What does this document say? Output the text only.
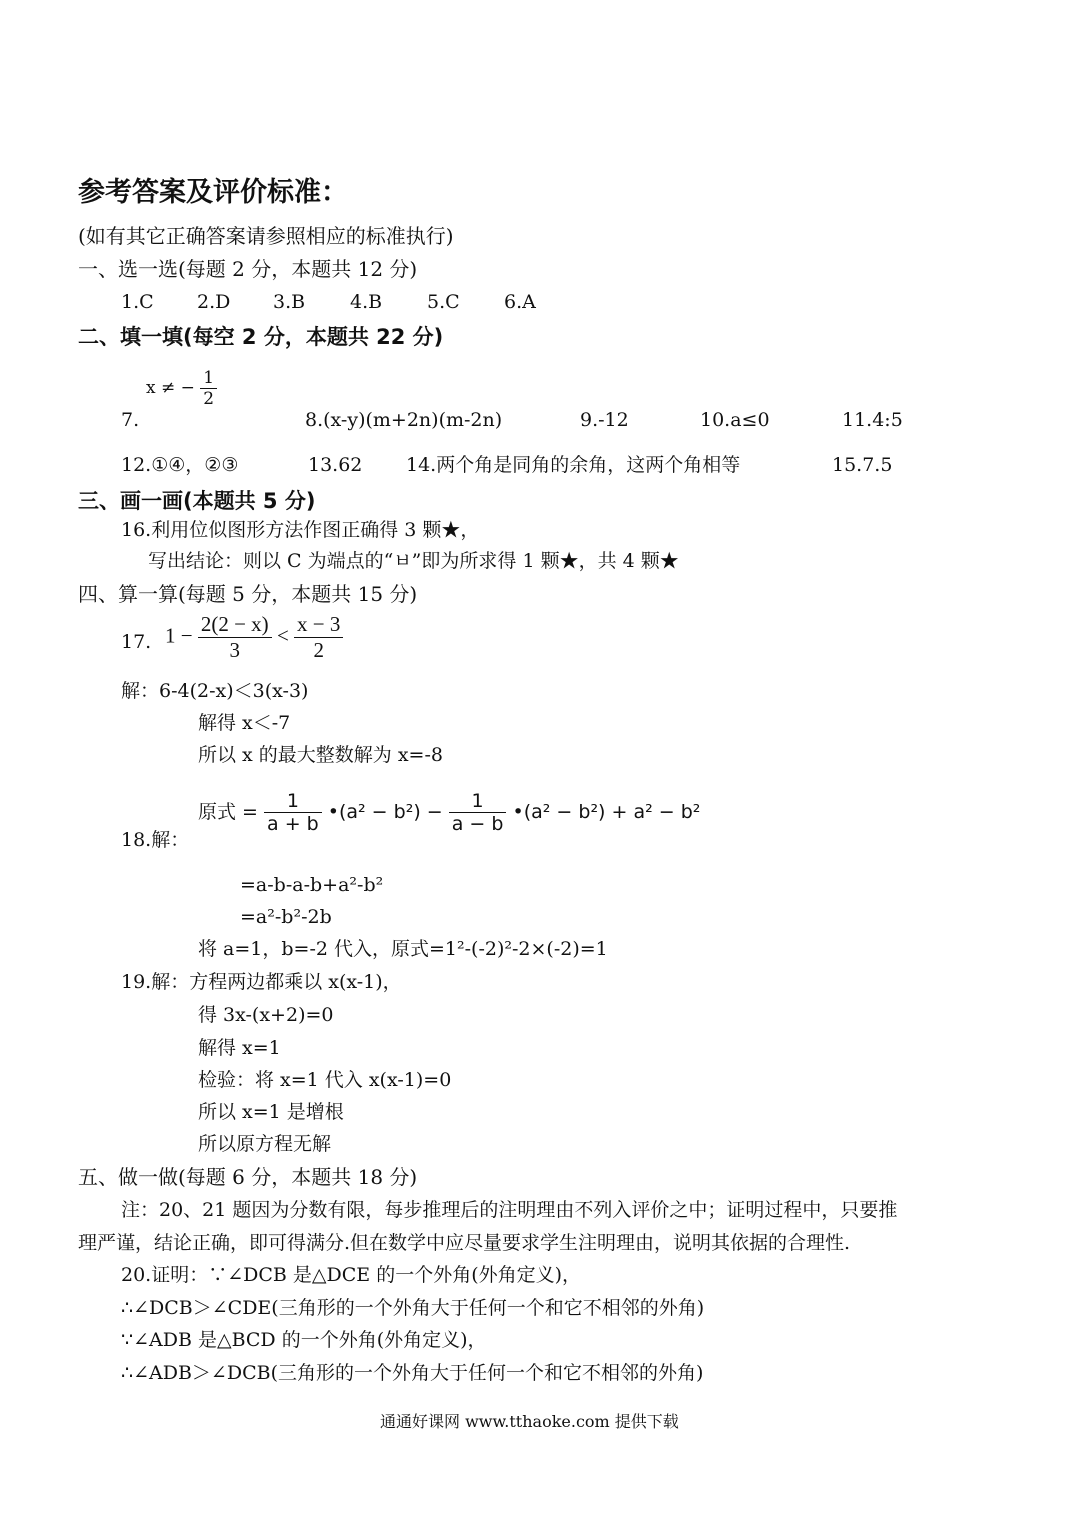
参考答案及评价标准：
(如有其它正确答案请参照相应的标准执行)
一、选一选(每题 2 分，本题共 12 分)
1.C 2.D 3.B 4.B 5.C 6.A
二、填一填(每空 2 分，本题共 22 分)
7.
x ≠ − $\frac{1}{2}$
8.(x-y)(m+2n)(m-2n)	9.-12	10.a≤0	11.4:5
12.①④，②③	13.62 14.两个角是同角的余角，这两个角相等	15.7.5
三、画一画(本题共 5 分)
16.利用位似图形方法作图正确得 3 颗★，
写出结论：则以 C 为端点的“ㅂ”即为所求得 1 颗★，共 4 颗★
四、算一算(每题 5 分，本题共 15 分)
17. $1 - \frac{2(2 - x)}{3} < \frac{x - 3}{2}$
解：6-4(2-x)＜3(x-3)
解得 x＜-7
所以 x 的最大整数解为 x=-8
18.解：
原式 = $\frac{1}{a + b}$ •(a² − $b^2) - \frac{1}{a - b}$ •(a² − b²) + a² − b²
=a-b-a-b+a²-b²
=a²-b²-2b
将 a=1，b=-2 代入，原式=1²-(-2)²-2×(-2)=1
19.解：方程两边都乘以 x(x-1)，
得 3x-(x+2)=0
解得 x=1
检验：将 x=1 代入 x(x-1)=0
所以 x=1 是增根
所以原方程无解
五、做一做(每题 6 分，本题共 18 分)
注：20、21 题因为分数有限，每步推理后的注明理由不列入评价之中；证明过程中，只要推
理严谨，结论正确，即可得满分.但在数学中应尽量要求学生注明理由，说明其依据的合理性.
20.证明：∵∠DCB 是△DCE 的一个外角(外角定义)，
∴∠DCB＞∠CDE(三角形的一个外角大于任何一个和它不相邻的外角)
∵∠ADB 是△BCD 的一个外角(外角定义)，
∴∠ADB＞∠DCB(三角形的一个外角大于任何一个和它不相邻的外角)
通通好课网 www.tthaoke.com 提供下载
